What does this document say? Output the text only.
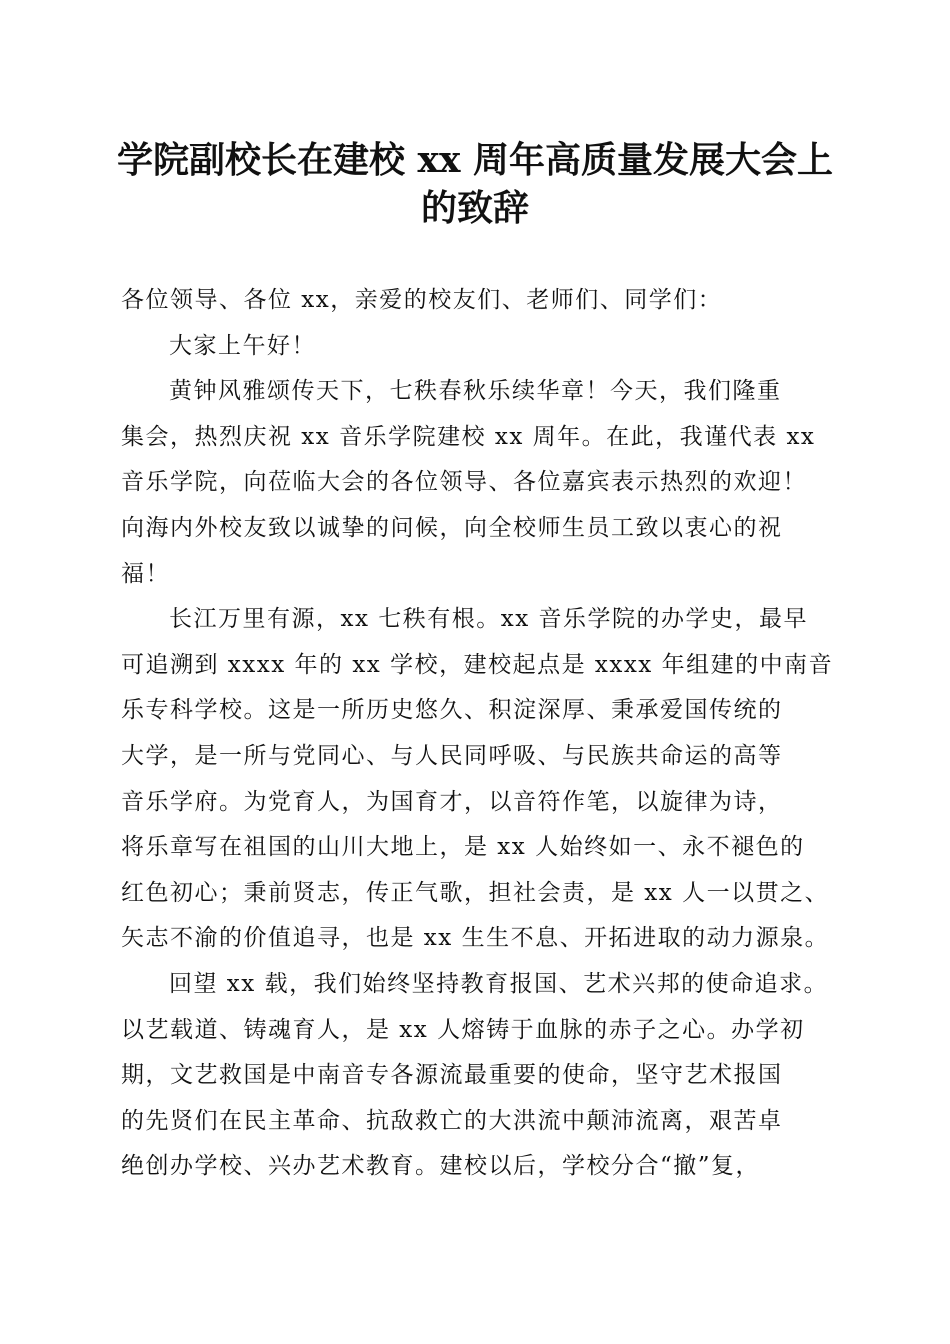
学院副校长在建校 xx 周年高质量发展大会上
的致辞

各位领导、各位 xx，亲爱的校友们、老师们、同学们：

大家上午好！

黄钟风雅颂传天下，七秩春秋乐续华章！今天，我们隆重

集会，热烈庆祝 xx 音乐学院建校 xx 周年。在此，我谨代表 xx

音乐学院，向莅临大会的各位领导、各位嘉宾表示热烈的欢迎！

向海内外校友致以诚挚的问候，向全校师生员工致以衷心的祝

福！

长江万里有源，xx 七秩有根。xx 音乐学院的办学史，最早

可追溯到 xxxx 年的 xx 学校，建校起点是 xxxx 年组建的中南音

乐专科学校。这是一所历史悠久、积淀深厚、秉承爱国传统的

大学，是一所与党同心、与人民同呼吸、与民族共命运的高等

音乐学府。为党育人，为国育才，以音符作笔，以旋律为诗，

将乐章写在祖国的山川大地上，是 xx 人始终如一、永不褪色的

红色初心；秉前贤志，传正气歌，担社会责，是 xx 人一以贯之、

矢志不渝的价值追寻，也是 xx 生生不息、开拓进取的动力源泉。

回望 xx 载，我们始终坚持教育报国、艺术兴邦的使命追求。

以艺载道、铸魂育人，是 xx 人熔铸于血脉的赤子之心。办学初

期，文艺救国是中南音专各源流最重要的使命，坚守艺术报国

的先贤们在民主革命、抗敌救亡的大洪流中颠沛流离，艰苦卓

绝创办学校、兴办艺术教育。建校以后，学校分合“撤”复，
